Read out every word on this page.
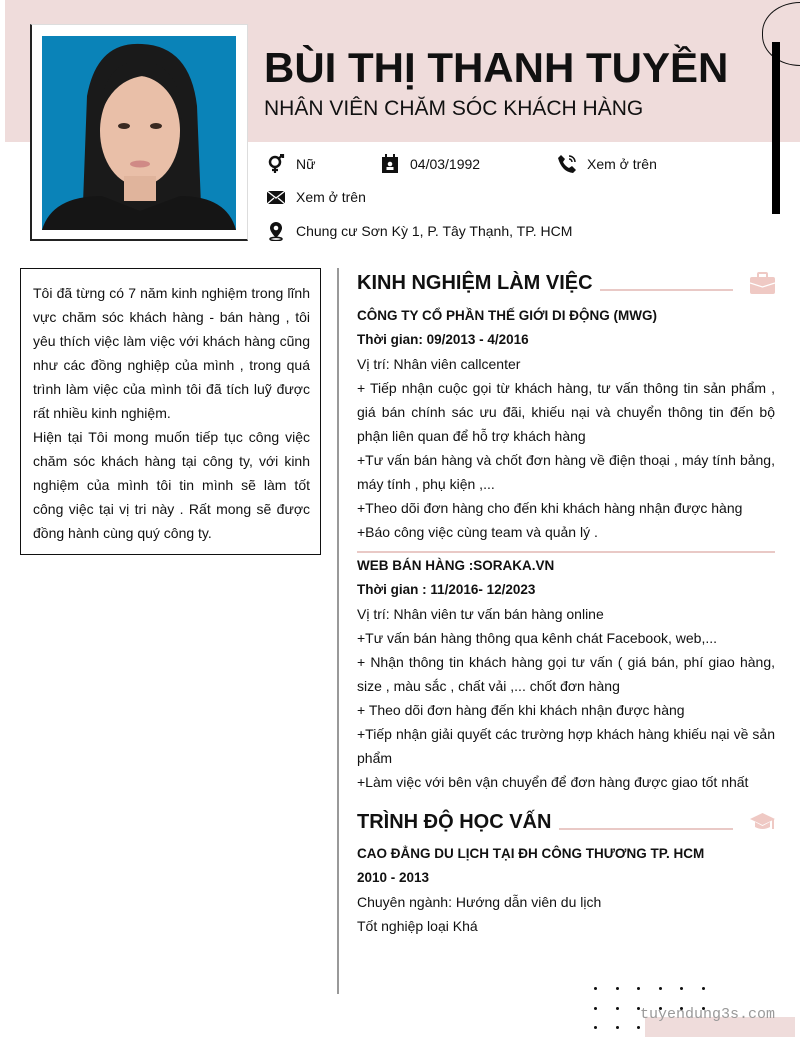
BÙI THỊ THANH TUYỀN
NHÂN VIÊN CHĂM SÓC KHÁCH HÀNG
Nữ	04/03/1992	Xem ở trên
Xem ở trên
Chung cư Sơn Kỳ 1, P. Tây Thạnh, TP. HCM

Tôi đã từng có 7 năm kinh nghiệm trong lĩnh vực chăm sóc khách hàng - bán hàng , tôi yêu thích việc làm việc với khách hàng cũng như các đồng nghiệp của mình , trong quá trình làm việc của mình tôi đã tích luỹ được rất nhiều kinh nghiệm.

Hiện tại Tôi mong muốn tiếp tục công việc chăm sóc khách hàng tại công ty, với kinh nghiệm của mình tôi tin mình sẽ làm tốt công việc tại vị tri này . Rất mong sẽ được đồng hành cùng quý công ty.

KINH NGHIỆM LÀM VIỆC
CÔNG TY CỔ PHẦN THẾ GIỚI DI ĐỘNG (MWG)
Thời gian: 09/2013 - 4/2016
Vị trí: Nhân viên callcenter
+ Tiếp nhận cuộc gọi từ khách hàng, tư vấn thông tin sản phẩm , giá bán chính sác ưu đãi, khiếu nại và chuyển thông tin đến bộ phận liên quan để hỗ trợ khách hàng
+Tư vấn bán hàng và chốt đơn hàng về điện thoại , máy tính bảng, máy tính , phụ kiện ,...
+Theo dõi đơn hàng cho đến khi khách hàng nhận được hàng
+Báo công việc cùng team và quản lý .
WEB BÁN HÀNG :SORAKA.VN
Thời gian : 11/2016- 12/2023
Vị trí: Nhân viên tư vấn bán hàng online
+Tư vấn bán hàng thông qua kênh chát Facebook, web,...
+ Nhận thông tin khách hàng gọi tư vấn ( giá bán, phí giao hàng, size , màu sắc , chất vải ,... chốt đơn hàng
+ Theo dõi đơn hàng đến khi khách nhận được hàng
+Tiếp nhận giải quyết các trường hợp khách hàng khiếu nại về sản phẩm
+Làm việc với bên vận chuyển để đơn hàng được giao tốt nhất
TRÌNH ĐỘ HỌC VẤN
CAO ĐẲNG DU LỊCH TẠI ĐH CÔNG THƯƠNG TP. HCM
2010 - 2013
Chuyên ngành: Hướng dẫn viên du lịch
Tốt nghiệp loại Khá
tuyendung3s.com
